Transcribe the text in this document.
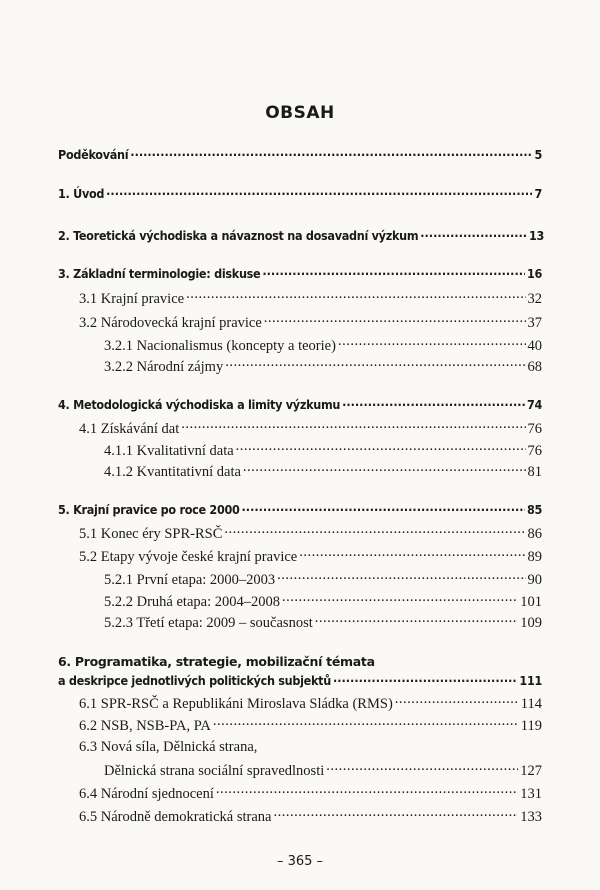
OBSAH
Poděkování .....	5
1. Úvod .....	7
2. Teoretická východiska a návaznost na dosavadní výzkum .....	13
3. Základní terminologie: diskuse .....	16
3.1 Krajní pravice .....	32
3.2 Národovecká krajní pravice .....	37
3.2.1 Nacionalismus (koncepty a teorie) .....	40
3.2.2 Národní zájmy .....	68
4. Metodologická východiska a limity výzkumu .....	74
4.1 Získávání dat .....	76
4.1.1 Kvalitativní data .....	76
4.1.2 Kvantitativní data .....	81
5. Krajní pravice po roce 2000 .....	85
5.1 Konec éry SPR-RSČ .....	86
5.2 Etapy vývoje české krajní pravice .....	89
5.2.1 První etapa: 2000–2003 .....	90
5.2.2 Druhá etapa: 2004–2008 .....	101
5.2.3 Třetí etapa: 2009 – současnost .....	109
6. Programatika, strategie, mobilizační témata
a deskripce jednotlivých politických subjektů .....	111
6.1 SPR-RSČ a Republikáni Miroslava Sládka (RMS) .....	114
6.2 NSB, NSB-PA, PA .....	119
6.3 Nová síla, Dělnická strana,
Dělnická strana sociální spravedlnosti .....	127
6.4 Národní sjednocení .....	131
6.5 Národně demokratická strana .....	133
– 365 –
